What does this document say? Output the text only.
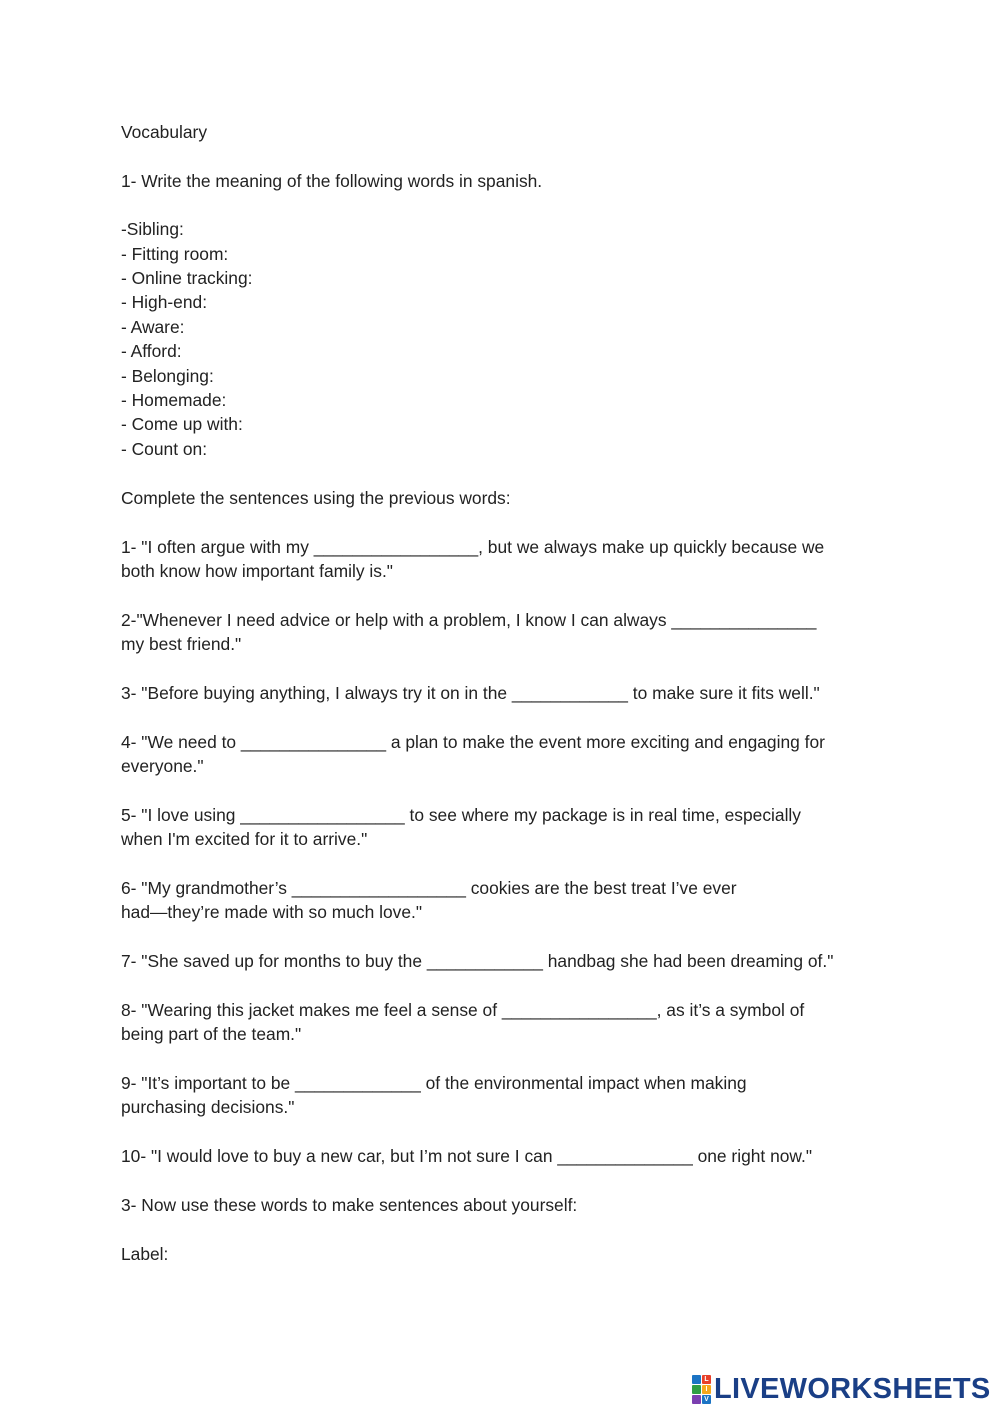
Vocabulary
1- Write the meaning of the following words in spanish.
-Sibling:
- Fitting room:
- Online tracking:
- High-end:
- Aware:
- Afford:
- Belonging:
- Homemade:
- Come up with:
- Count on:
Complete the sentences using the previous words:
1- "I often argue with my _________________, but we always make up quickly because we
both know how important family is."
2-"Whenever I need advice or help with a problem, I know I can always _______________
my best friend."
3- "Before buying anything, I always try it on in the ____________ to make sure it fits well."
4- "We need to _______________ a plan to make the event more exciting and engaging for
everyone."
5- "I love using _________________ to see where my package is in real time, especially
when I'm excited for it to arrive."
6- "My grandmother’s __________________ cookies are the best treat I’ve ever
had—they’re made with so much love."
7- "She saved up for months to buy the ____________ handbag she had been dreaming of."
8- "Wearing this jacket makes me feel a sense of ________________, as it’s a symbol of
being part of the team."
9- "It’s important to be _____________ of the environmental impact when making
purchasing decisions."
10- "I would love to buy a new car, but I’m not sure I can ______________ one right now."
3- Now use these words to make sentences about yourself:
Label:
L
I
V LIVEWORKSHEETS
